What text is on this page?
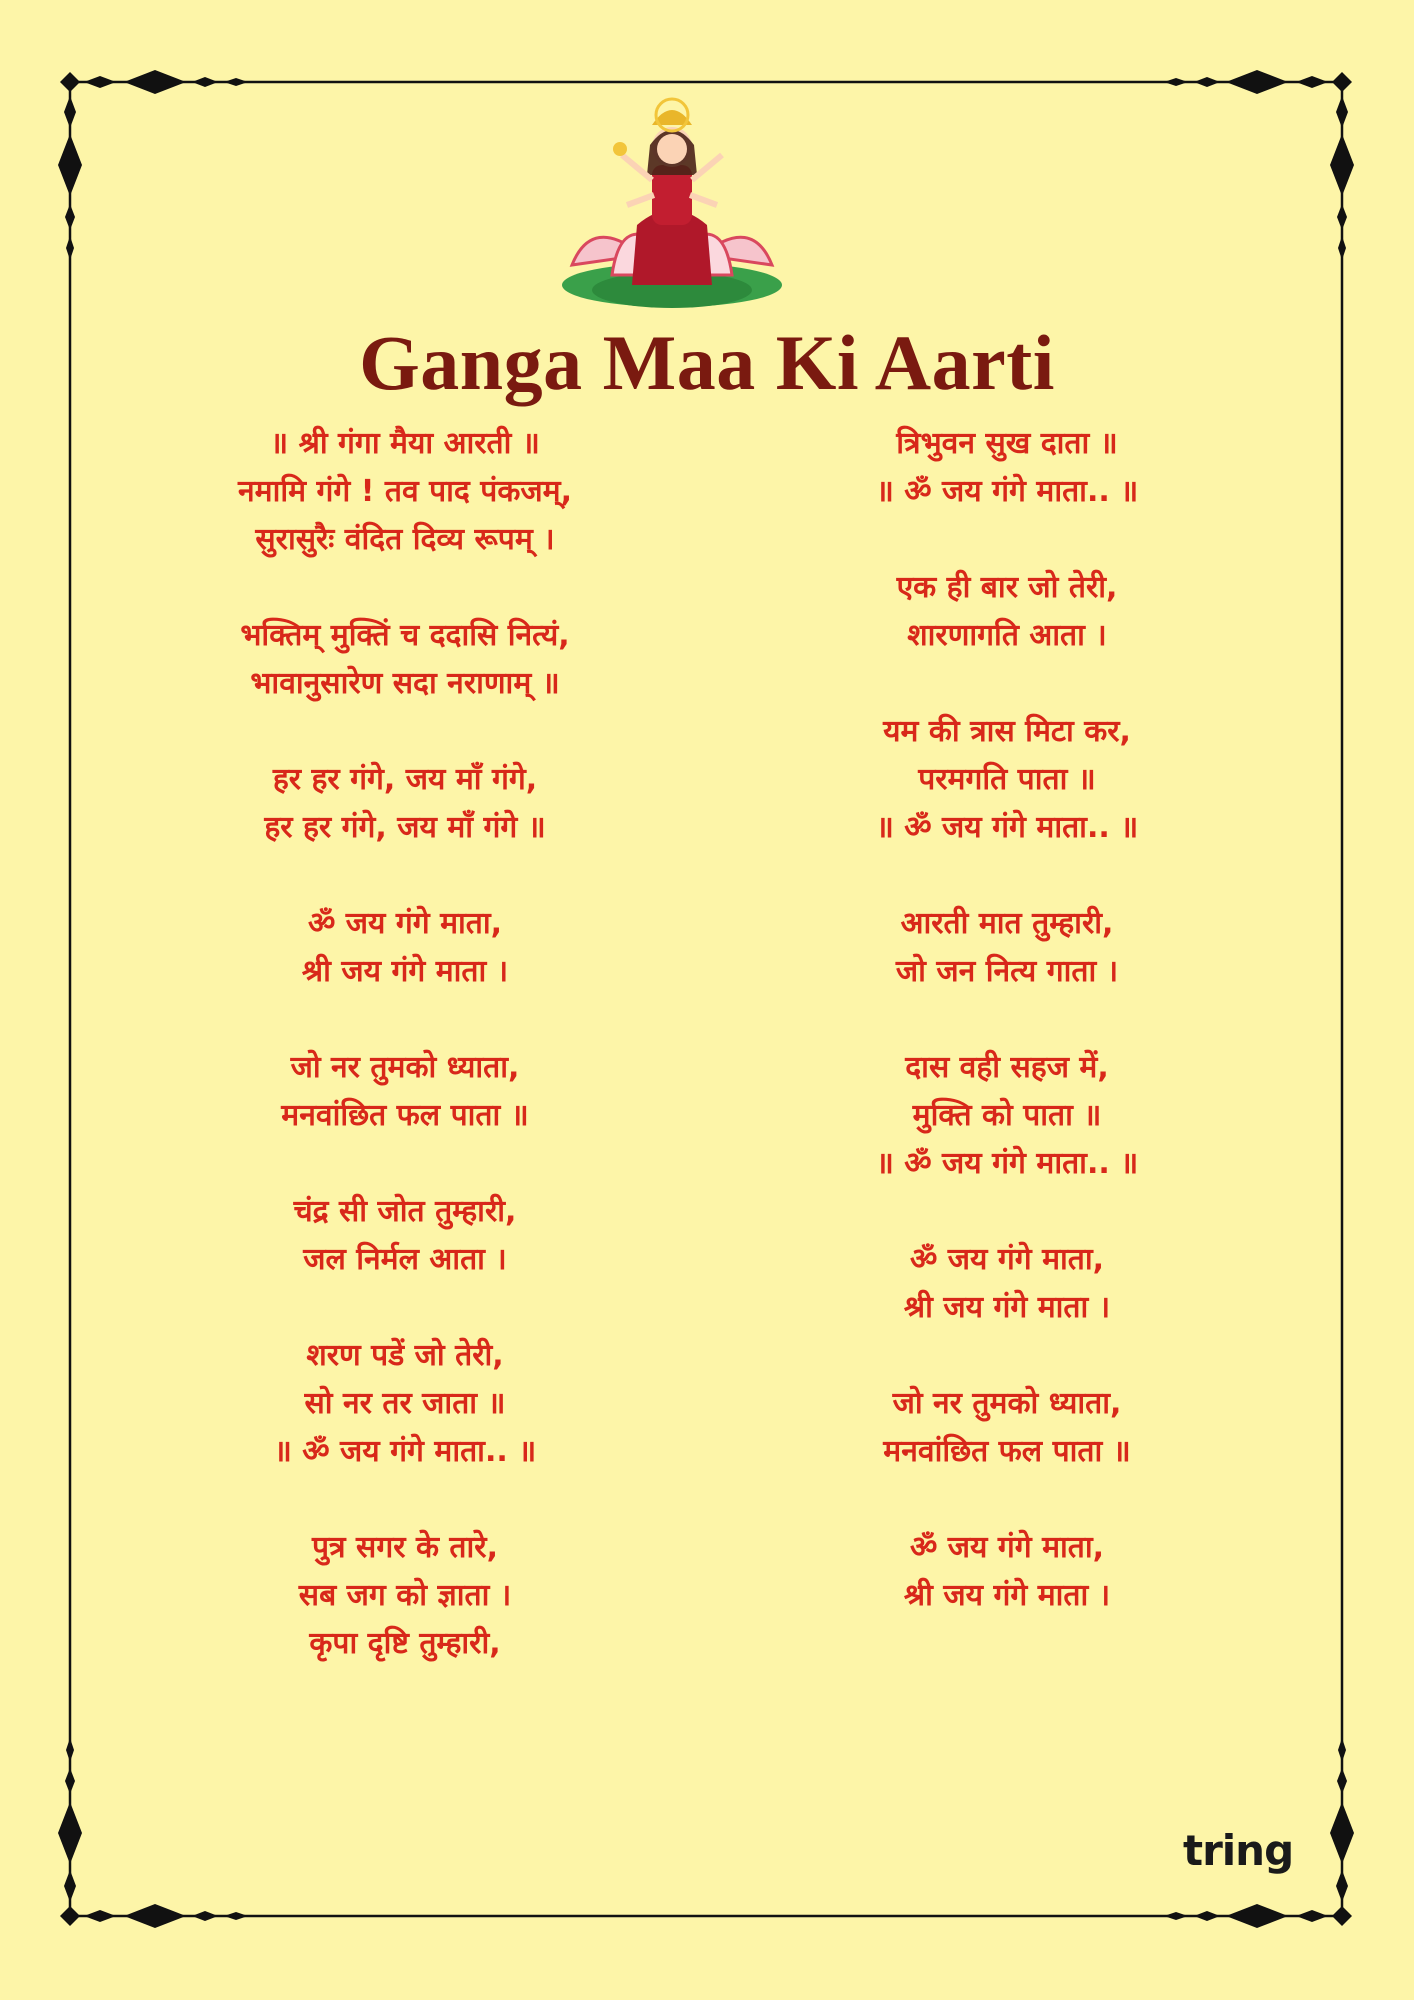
Ganga Maa Ki Aarti
॥ श्री गंगा मैया आरती ॥
नमामि गंगे ! तव पाद पंकजम्,
सुरासुरैः वंदित दिव्य रूपम् ।
भक्तिम् मुक्तिं च ददासि नित्यं,
भावानुसारेण सदा नराणाम् ॥
हर हर गंगे, जय माँ गंगे,
हर हर गंगे, जय माँ गंगे ॥
ॐ जय गंगे माता,
श्री जय गंगे माता ।
जो नर तुमको ध्याता,
मनवांछित फल पाता ॥
चंद्र सी जोत तुम्हारी,
जल निर्मल आता ।
शरण पडें जो तेरी,
सो नर तर जाता ॥
॥ ॐ जय गंगे माता.. ॥
पुत्र सगर के तारे,
सब जग को ज्ञाता ।
कृपा दृष्टि तुम्हारी,
त्रिभुवन सुख दाता ॥
॥ ॐ जय गंगे माता.. ॥
एक ही बार जो तेरी,
शारणागति आता ।
यम की त्रास मिटा कर,
परमगति पाता ॥
॥ ॐ जय गंगे माता.. ॥
आरती मात तुम्हारी,
जो जन नित्य गाता ।
दास वही सहज में,
मुक्ति को पाता ॥
॥ ॐ जय गंगे माता.. ॥
ॐ जय गंगे माता,
श्री जय गंगे माता ।
जो नर तुमको ध्याता,
मनवांछित फल पाता ॥
ॐ जय गंगे माता,
श्री जय गंगे माता ।
tring
